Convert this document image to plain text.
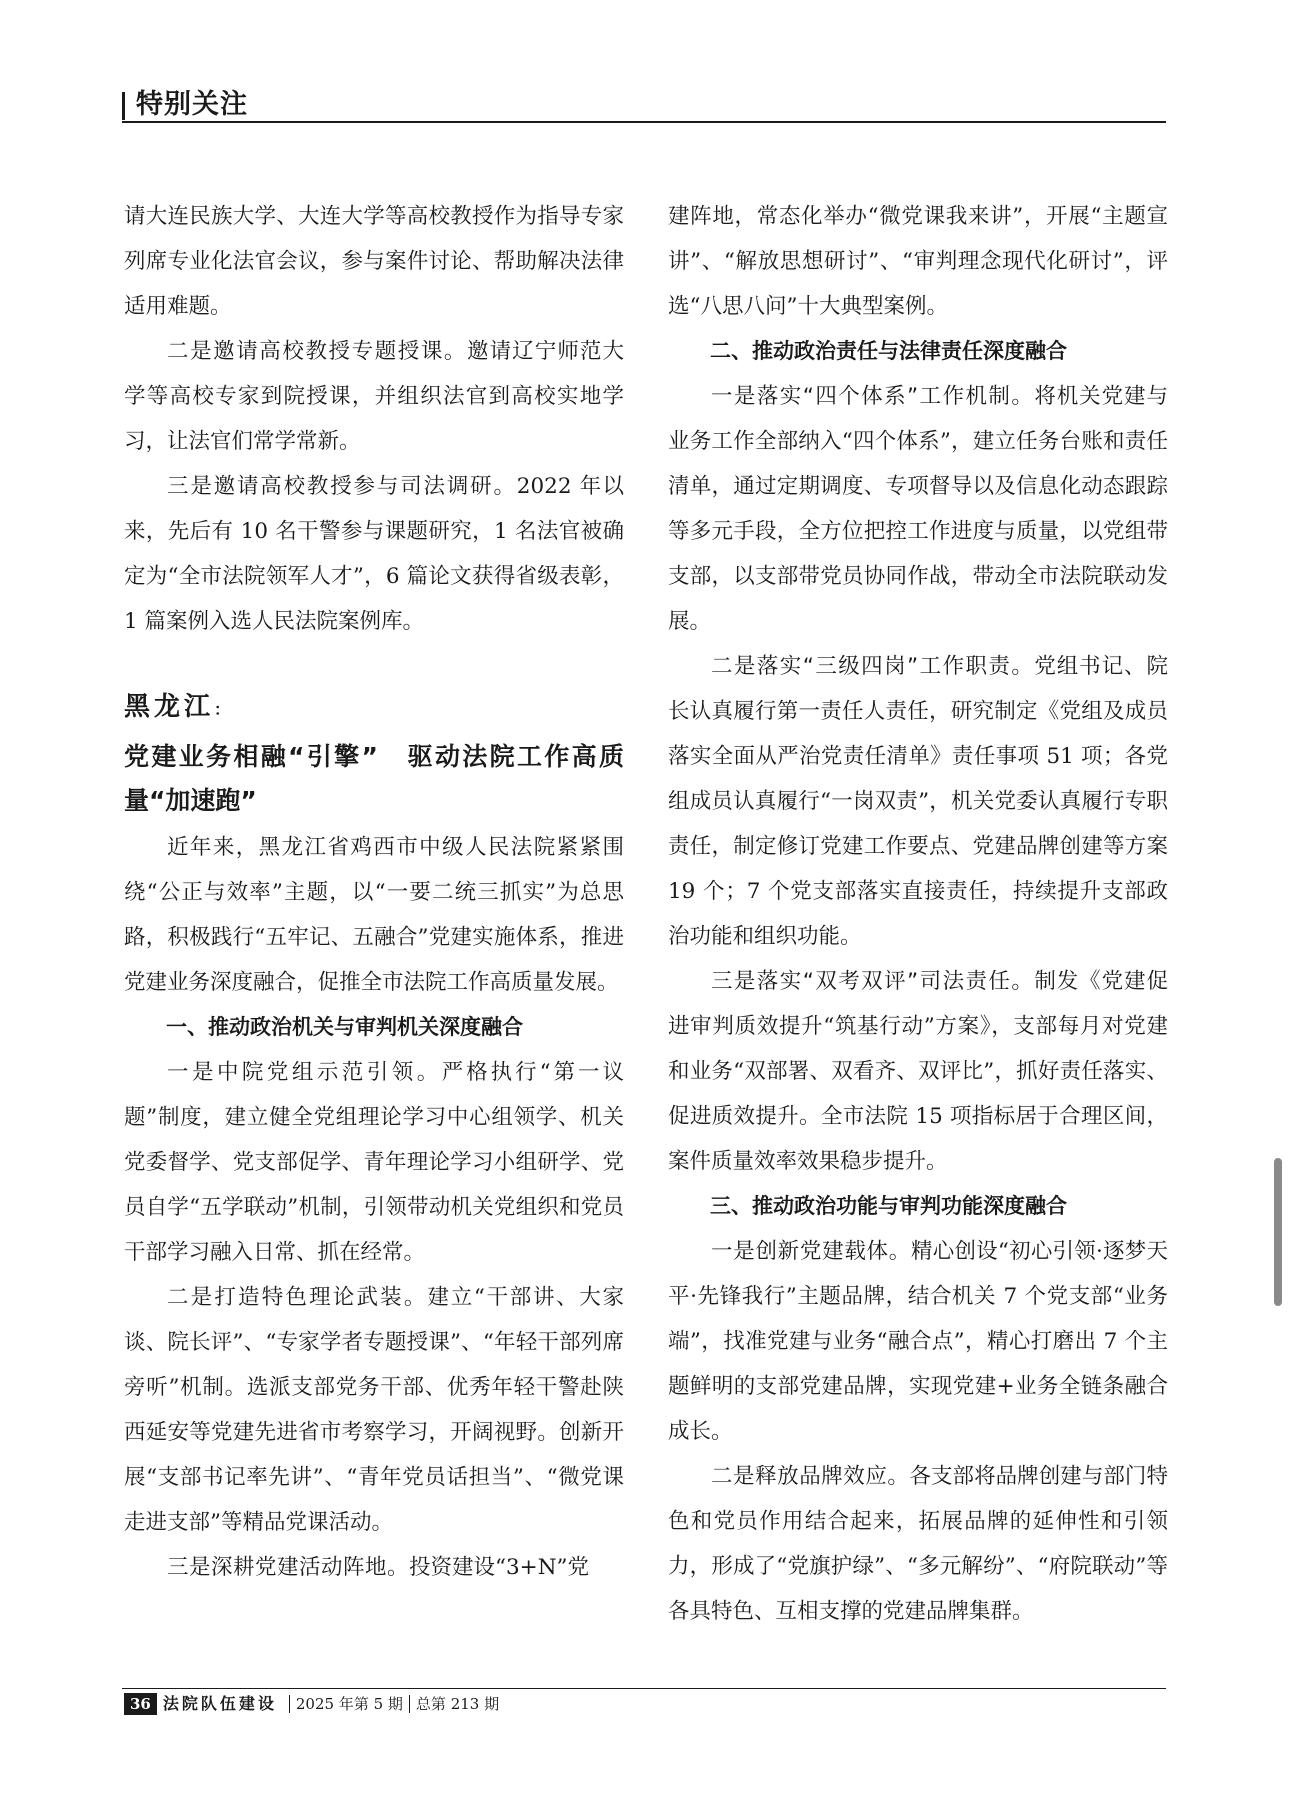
特别关注

请大连民族大学、大连大学等高校教授作为指导专家列席专业化法官会议，参与案件讨论、帮助解决法律适用难题。

二是邀请高校教授专题授课。邀请辽宁师范大学等高校专家到院授课，并组织法官到高校实地学习，让法官们常学常新。

三是邀请高校教授参与司法调研。2022 年以来，先后有 10 名干警参与课题研究，1 名法官被确定为“全市法院领军人才”，6 篇论文获得省级表彰，1 篇案例入选人民法院案例库。

黑龙江：
党建业务相融“引擎”　驱动法院工作高质量“加速跑”

近年来，黑龙江省鸡西市中级人民法院紧紧围绕“公正与效率”主题，以“一要二统三抓实”为总思路，积极践行“五牢记、五融合”党建实施体系，推进党建业务深度融合，促推全市法院工作高质量发展。

一、推动政治机关与审判机关深度融合

一是中院党组示范引领。严格执行“第一议题”制度，建立健全党组理论学习中心组领学、机关党委督学、党支部促学、青年理论学习小组研学、党员自学“五学联动”机制，引领带动机关党组织和党员干部学习融入日常、抓在经常。

二是打造特色理论武装。建立“干部讲、大家谈、院长评”、“专家学者专题授课”、“年轻干部列席旁听”机制。选派支部党务干部、优秀年轻干警赴陕西延安等党建先进省市考察学习，开阔视野。创新开展“支部书记率先讲”、“青年党员话担当”、“微党课走进支部”等精品党课活动。

三是深耕党建活动阵地。投资建设“3+N”党

建阵地，常态化举办“微党课我来讲”，开展“主题宣讲”、“解放思想研讨”、“审判理念现代化研讨”，评选“八思八问”十大典型案例。

二、推动政治责任与法律责任深度融合

一是落实“四个体系”工作机制。将机关党建与业务工作全部纳入“四个体系”，建立任务台账和责任清单，通过定期调度、专项督导以及信息化动态跟踪等多元手段，全方位把控工作进度与质量，以党组带支部，以支部带党员协同作战，带动全市法院联动发展。

二是落实“三级四岗”工作职责。党组书记、院长认真履行第一责任人责任，研究制定《党组及成员落实全面从严治党责任清单》责任事项 51 项；各党组成员认真履行“一岗双责”，机关党委认真履行专职责任，制定修订党建工作要点、党建品牌创建等方案 19 个；7 个党支部落实直接责任，持续提升支部政治功能和组织功能。

三是落实“双考双评”司法责任。制发《党建促进审判质效提升“筑基行动”方案》，支部每月对党建和业务“双部署、双看齐、双评比”，抓好责任落实、促进质效提升。全市法院 15 项指标居于合理区间，案件质量效率效果稳步提升。

三、推动政治功能与审判功能深度融合

一是创新党建载体。精心创设“初心引领·逐梦天平·先锋我行”主题品牌，结合机关 7 个党支部“业务端”，找准党建与业务“融合点”，精心打磨出 7 个主题鲜明的支部党建品牌，实现党建+业务全链条融合成长。

二是释放品牌效应。各支部将品牌创建与部门特色和党员作用结合起来，拓展品牌的延伸性和引领力，形成了“党旗护绿”、“多元解纷”、“府院联动”等各具特色、互相支撑的党建品牌集群。

36 法院队伍建设 2025 年第 5 期 总第 213 期
